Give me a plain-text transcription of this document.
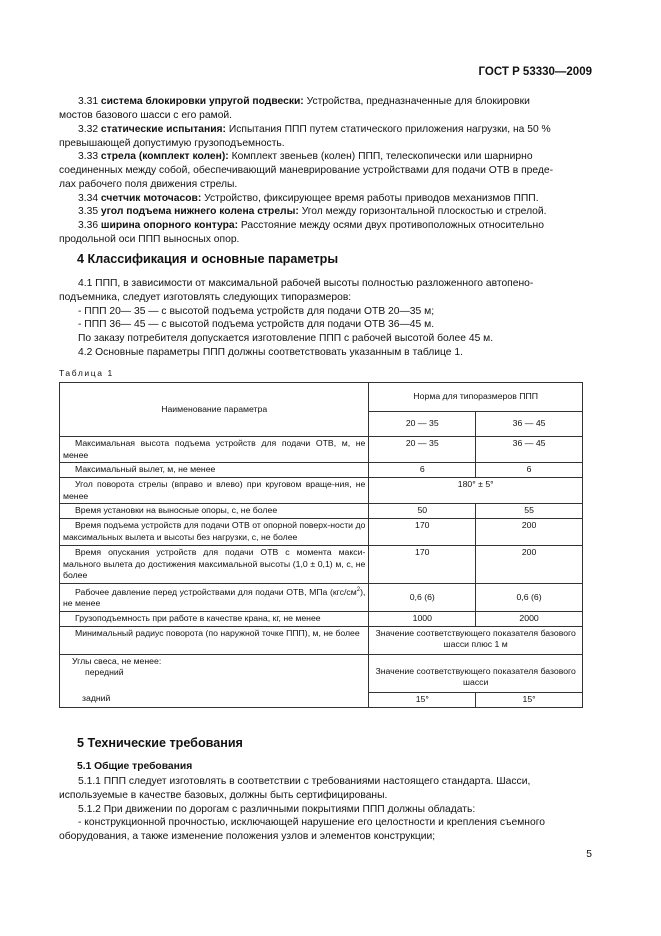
ГОСТ Р 53330—2009
3.31 система блокировки упругой подвески: Устройства, предназначенные для блокировки
мостов базового шасси с его рамой.
3.32 статические испытания: Испытания ППП путем статического приложения нагрузки, на 50 %
превышающей допустимую грузоподъемность.
3.33 стрела (комплект колен): Комплект звеньев (колен) ППП, телескопически или шарнирно
соединенных между собой, обеспечивающий маневрирование устройствами для подачи ОТВ в преде-
лах рабочего поля движения стрелы.
3.34 счетчик моточасов: Устройство, фиксирующее время работы приводов механизмов ППП.
3.35 угол подъема нижнего колена стрелы: Угол между горизонтальной плоскостью и стрелой.
3.36 ширина опорного контура: Расстояние между осями двух противоположных относительно
продольной оси ППП выносных опор.
4 Классификация и основные параметры
4.1 ППП, в зависимости от максимальной рабочей высоты полностью разложенного автопено-
подъемника, следует изготовлять следующих типоразмеров:
- ППП 20— 35 — с высотой подъема устройств для подачи ОТВ 20—35 м;
- ППП 36— 45 — с высотой подъема устройств для подачи ОТВ 36—45 м.
По заказу потребителя допускается изготовление ППП с рабочей высотой более 45 м.
4.2 Основные параметры ППП должны соответствовать указанным в таблице 1.
Таблица 1
Наименование параметра	Норма для типоразмеров ППП	
	20 — 35	36 — 45
Максимальная высота подъема устройств для подачи ОТВ, м, не менее	20 — 35	36 — 45
Максимальный вылет, м, не менее	6	6
Угол поворота стрелы (вправо и влево) при круговом враще-ния, не менее	180° ± 5°	
Время установки на выносные опоры, с, не более	50	55
Время подъема устройств для подачи ОТВ от опорной поверх-ности до максимальных вылета и высоты без нагрузки, с, не более	170	200
Время опускания устройств для подачи ОТВ с момента макси-мального вылета до достижения максимальной высоты (1,0 ± 0,1) м, с, не более	170	200
Рабочее давление перед устройствами для подачи ОТВ, МПа $(кгс/см^2)$, не менее	0,6 (6)	0,6 (6)
Грузоподъемность при работе в качестве крана, кг, не менее	1000	2000
Минимальный радиус поворота (по наружной точке ППП), м, не более	Значение соответствующего показателя базового шасси плюс 1 м	

Углы свеса, не менее:
передний	Значение соответствующего показателя базового шасси	
задний	15°	15°
5 Технические требования
5.1 Общие требования
5.1.1 ППП следует изготовлять в соответствии с требованиями настоящего стандарта. Шасси,
используемые в качестве базовых, должны быть сертифицированы.
5.1.2 При движении по дорогам с различными покрытиями ППП должны обладать:
- конструкционной прочностью, исключающей нарушение его целостности и крепления съемного
оборудования, а также изменение положения узлов и элементов конструкции;
5
